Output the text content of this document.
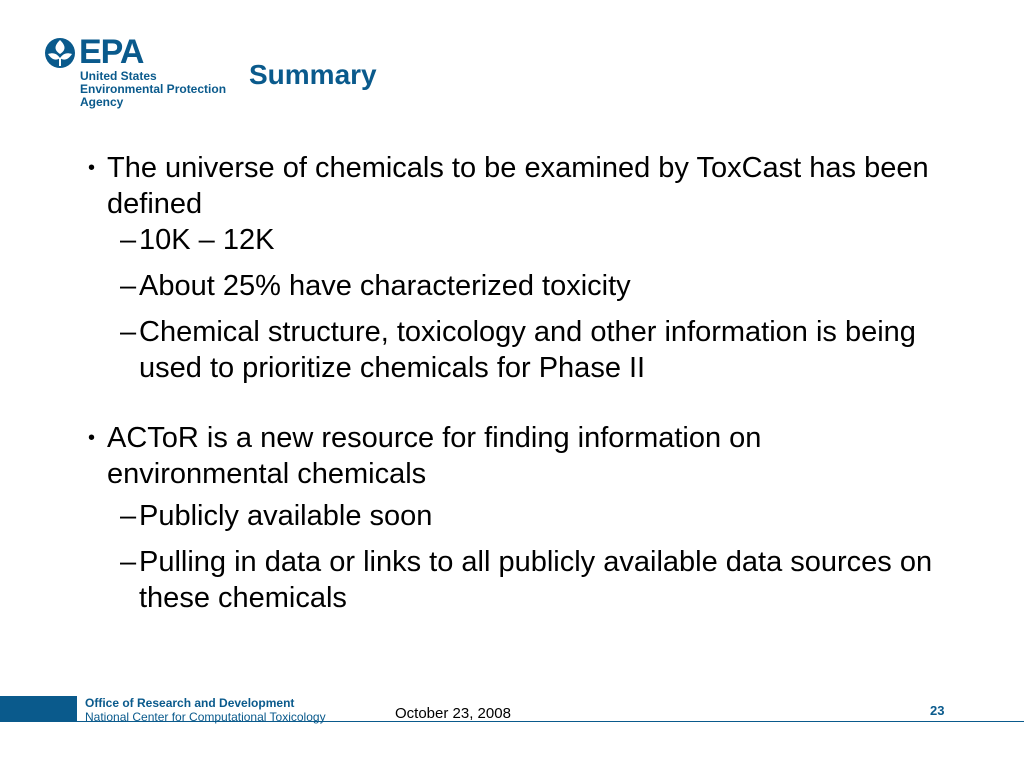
EPA
United States
Environmental Protection
Agency
Summary
• The universe of chemicals to be examined by ToxCast has been defined
– 10K – 12K
– About 25% have characterized toxicity
– Chemical structure, toxicology and other information is being used to prioritize chemicals for Phase II
• ACToR is a new resource for finding information on environmental chemicals
– Publicly available soon
– Pulling in data or links to all publicly available data sources on these chemicals
Office of Research and Development
National Center for Computational Toxicology	October 23, 2008	23
